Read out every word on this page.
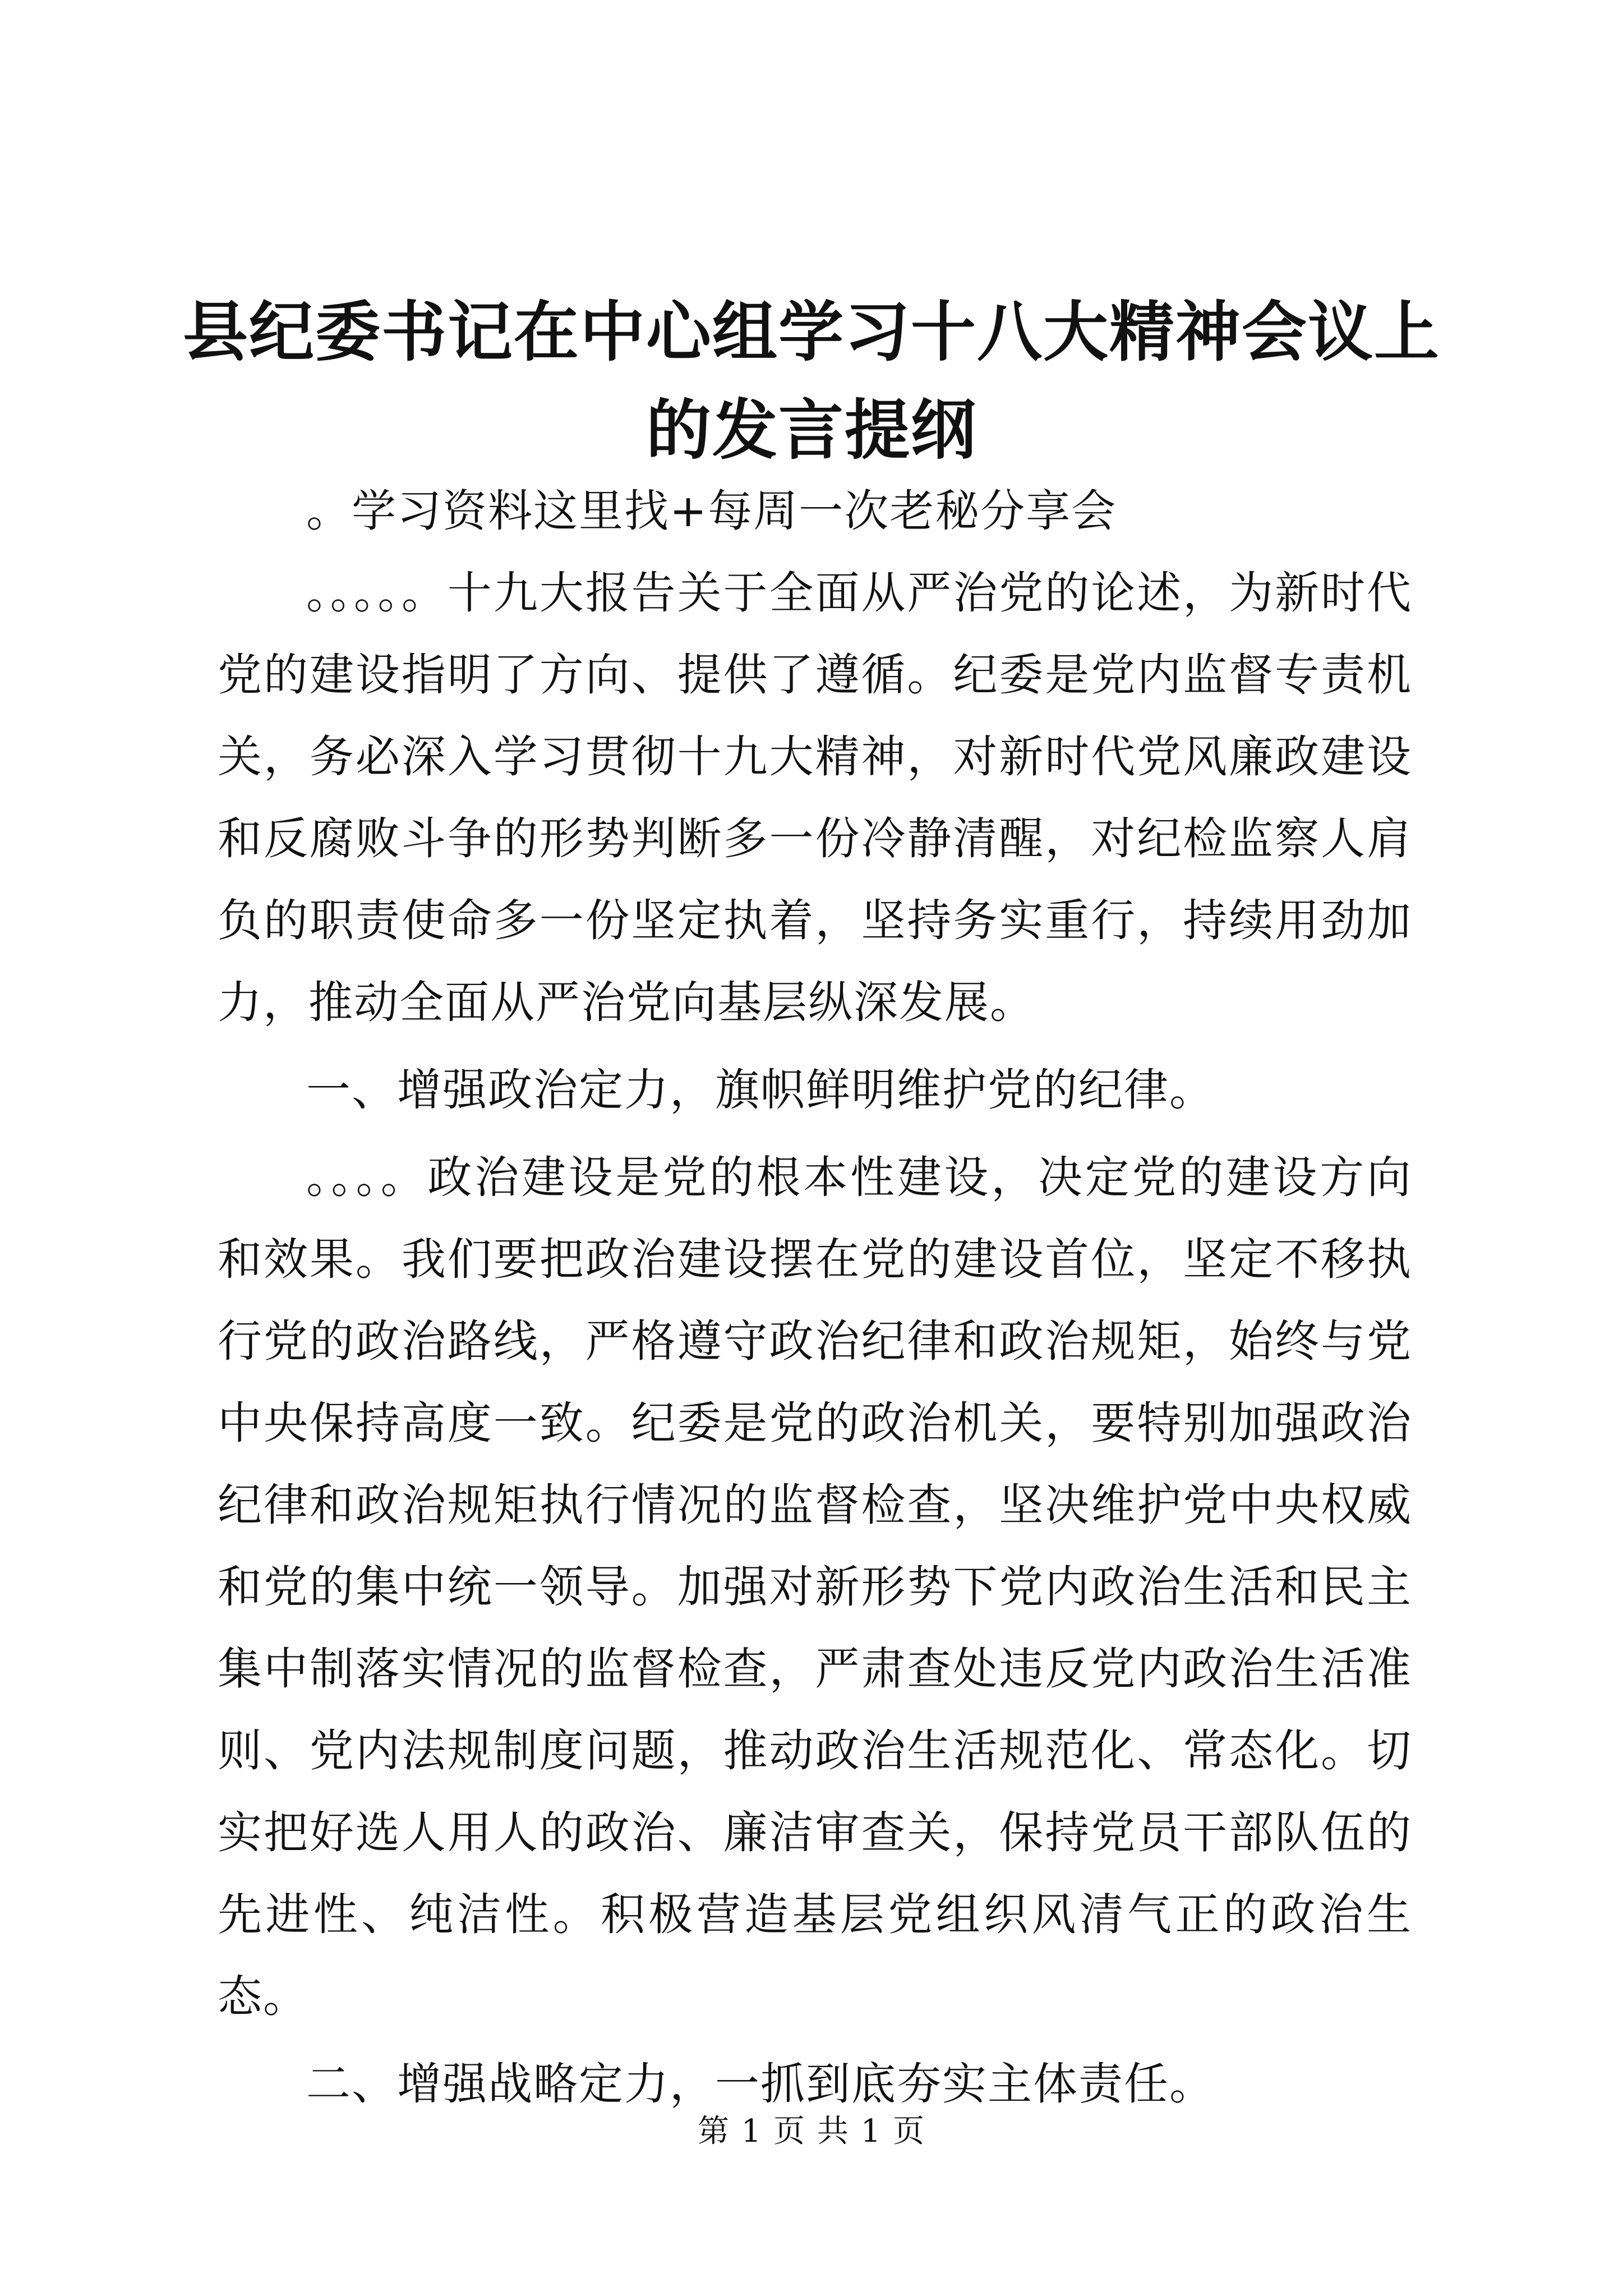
县纪委书记在中心组学习十八大精神会议上的发言提纲

。学习资料这里找+每周一次老秘分享会

。。。。。十九大报告关于全面从严治党的论述，为新时代党的建设指明了方向、提供了遵循。纪委是党内监督专责机关，务必深入学习贯彻十九大精神，对新时代党风廉政建设和反腐败斗争的形势判断多一份冷静清醒，对纪检监察人肩负的职责使命多一份坚定执着，坚持务实重行，持续用劲加力，推动全面从严治党向基层纵深发展。

一、增强政治定力，旗帜鲜明维护党的纪律。

。。。。政治建设是党的根本性建设，决定党的建设方向和效果。我们要把政治建设摆在党的建设首位，坚定不移执行党的政治路线，严格遵守政治纪律和政治规矩，始终与党中央保持高度一致。纪委是党的政治机关，要特别加强政治纪律和政治规矩执行情况的监督检查，坚决维护党中央权威和党的集中统一领导。加强对新形势下党内政治生活和民主集中制落实情况的监督检查，严肃查处违反党内政治生活准则、党内法规制度问题，推动政治生活规范化、常态化。切实把好选人用人的政治、廉洁审查关，保持党员干部队伍的先进性、纯洁性。积极营造基层党组织风清气正的政治生态。

二、增强战略定力，一抓到底夯实主体责任。

第 1 页 共 1 页
